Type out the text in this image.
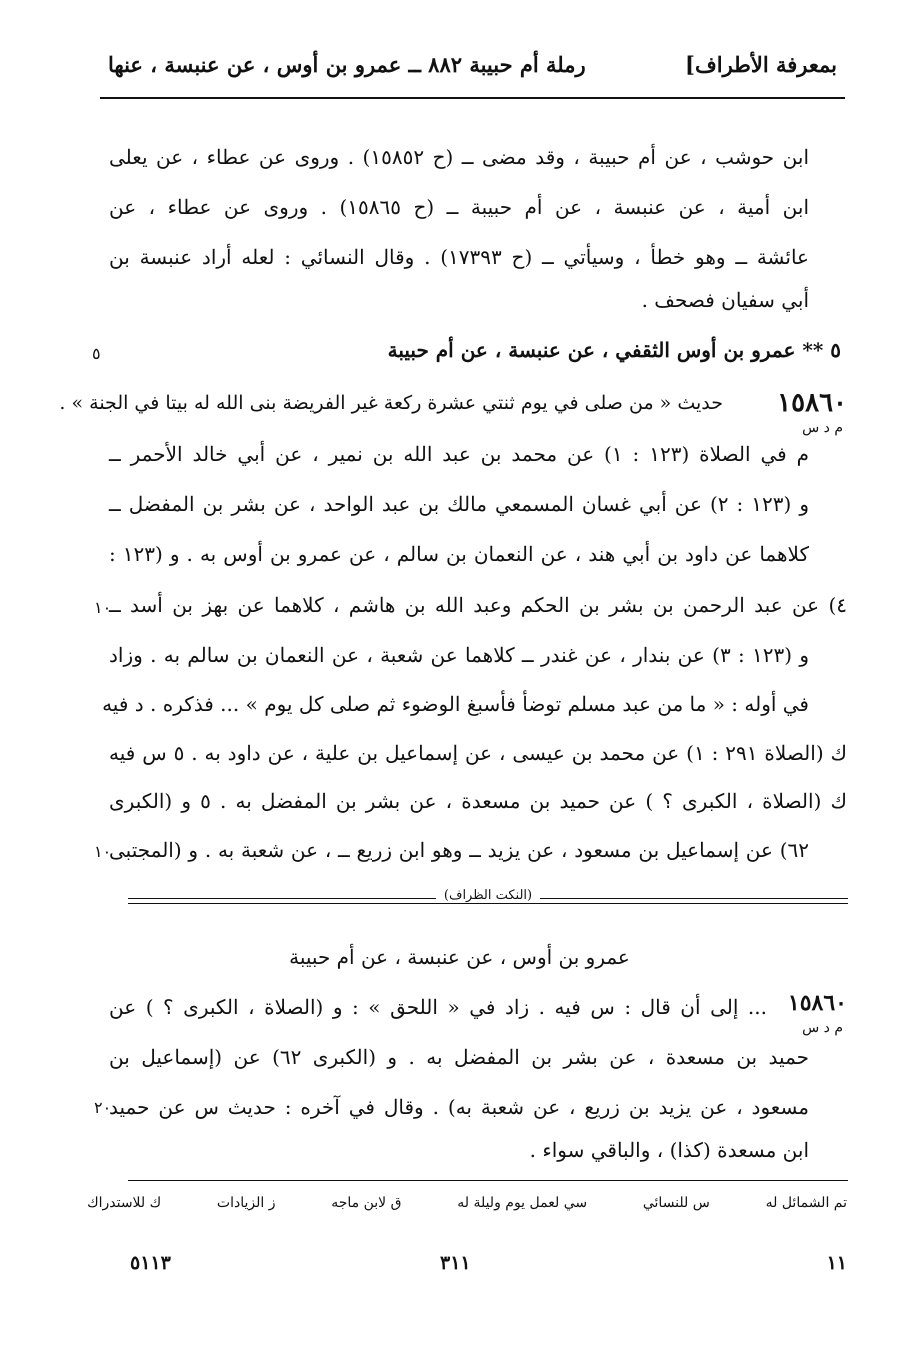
بمعرفة الأطراف]
رملة أم حبيبة ٨٨٢ ــ عمرو بن أوس ، عن عنبسة ، عنها
ابن حوشب ، عن أم حبيبة ، وقد مضى ــ (ح ١٥٨٥٢) . وروى عن عطاء ، عن يعلى
ابن أمية ، عن عنبسة ، عن أم حبيبة ــ (ح ١٥٨٦٥) . وروى عن عطاء ، عن
عائشة ــ وهو خطأ ، وسيأتي ــ (ح ١٧٣٩٣) . وقال النسائي : لعله أراد عنبسة بن
أبي سفيان فصحف .
٥ ** عمرو بن أوس الثقفي ، عن عنبسة ، عن أم حبيبة
٥
١٥٨٦٠
حديث « من صلى في يوم ثنتي عشرة ركعة غير الفريضة بنى الله له بيتا في الجنة » .
م د س
م في الصلاة (١٢٣ : ١) عن محمد بن عبد الله بن نمير ، عن أبي خالد الأحمر ــ
و (١٢٣ : ٢) عن أبي غسان المسمعي مالك بن عبد الواحد ، عن بشر بن المفضل ــ
كلاهما عن داود بن أبي هند ، عن النعمان بن سالم ، عن عمرو بن أوس به . و (١٢٣ :
٤) عن عبد الرحمن بن بشر بن الحكم وعبد الله بن هاشم ، كلاهما عن بهز بن أسد ــ
١٠
و (١٢٣ : ٣) عن بندار ، عن غندر ــ كلاهما عن شعبة ، عن النعمان بن سالم به . وزاد
في أوله : « ما من عبد مسلم توضأ فأسبغ الوضوء ثم صلى كل يوم » ... فذكره . د فيه
ك (الصلاة ٢٩١ : ١) عن محمد بن عيسى ، عن إسماعيل بن علية ، عن داود به . ٥ س فيه
ك (الصلاة ، الكبرى ؟ ) عن حميد بن مسعدة ، عن بشر بن المفضل به . ٥ و (الكبرى
٦٢) عن إسماعيل بن مسعود ، عن يزيد ــ وهو ابن زريع ــ ، عن شعبة به . و (المجتبى
١٠
(النكت الظراف)
عمرو بن أوس ، عن عنبسة ، عن أم حبيبة
١٥٨٦٠
م د س
... إلى أن قال : س فيه . زاد في « اللحق » : و (الصلاة ، الكبرى ؟ ) عن
حميد بن مسعدة ، عن بشر بن المفضل به . و (الكبرى ٦٢) عن (إسماعيل بن
مسعود ، عن يزيد بن زريع ، عن شعبة به) . وقال في آخره : حديث س عن حميد
٢٠
ابن مسعدة (كذا) ، والباقي سواء .
تم الشمائل له
س للنسائي
سي لعمل يوم وليلة له
ق لابن ماجه
ز الزيادات
ك للاستدراك
١١
٣١١
٥١١٣
